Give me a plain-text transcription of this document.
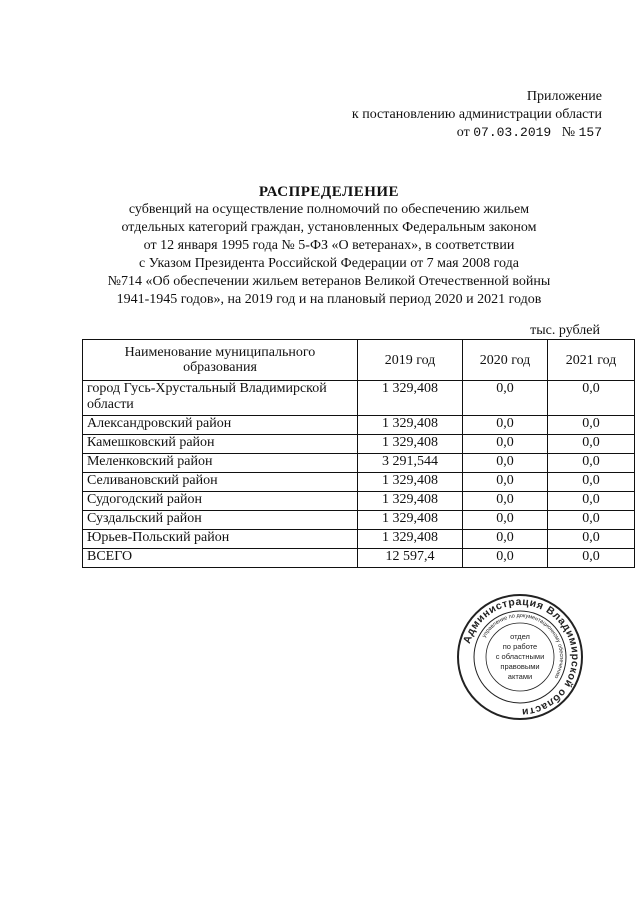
Приложение
к постановлению администрации области
от 07.03.2019 № 157
РАСПРЕДЕЛЕНИЕ
субвенций на осуществление полномочий по обеспечению жильем
отдельных категорий граждан, установленных Федеральным законом
от 12 января 1995 года № 5-ФЗ «О ветеранах», в соответствии
с Указом Президента Российской Федерации от 7 мая 2008 года
№714 «Об обеспечении жильем ветеранов Великой Отечественной войны
1941-1945 годов», на 2019 год и на плановый период 2020 и 2021 годов
тыс. рублей
Наименование муниципального образования	2019 год	2020 год	2021 год
город Гусь-Хрустальный Владимирской области	1 329,408	0,0	0,0
Александровский район	1 329,408	0,0	0,0
Камешковский район	1 329,408	0,0	0,0
Меленковский район	3 291,544	0,0	0,0
Селивановский район	1 329,408	0,0	0,0
Судогодский район	1 329,408	0,0	0,0
Суздальский район	1 329,408	0,0	0,0
Юрьев-Польский район	1 329,408	0,0	0,0
ВСЕГО	12 597,4	0,0	0,0
Администрация Владимирской области
управление по документационному обеспечению
отдел
по работе
с областными
правовыми
актами
